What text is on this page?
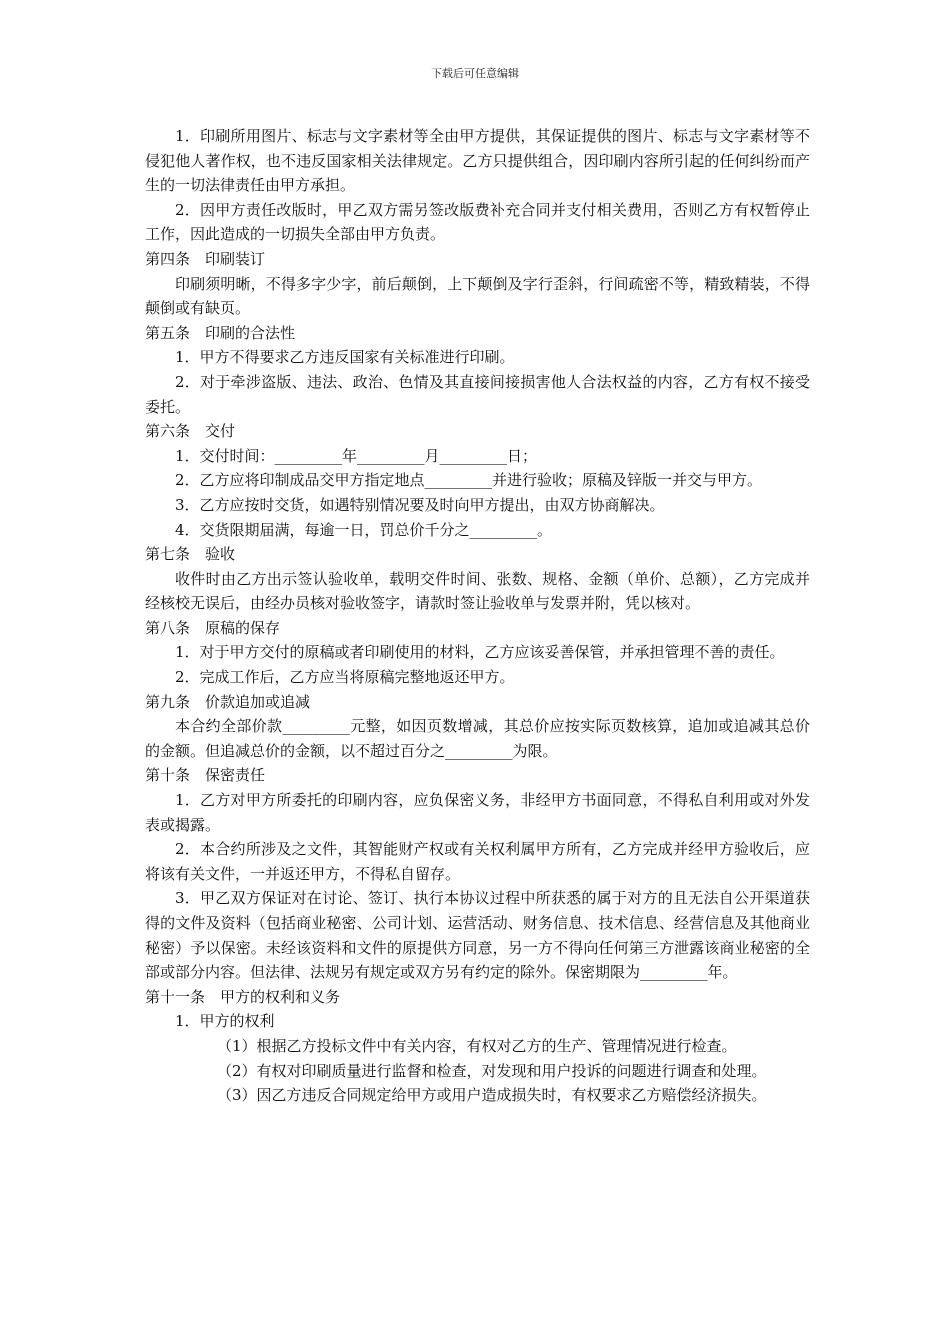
下载后可任意编辑
1．印刷所用图片、标志与文字素材等全由甲方提供，其保证提供的图片、标志与文字素材等不侵犯他人著作权，也不违反国家相关法律规定。乙方只提供组合，因印刷内容所引起的任何纠纷而产生的一切法律责任由甲方承担。
2．因甲方责任改版时，甲乙双方需另签改版费补充合同并支付相关费用，否则乙方有权暂停止工作，因此造成的一切损失全部由甲方负责。
第四条　印刷装订
印刷须明晰，不得多字少字，前后颠倒，上下颠倒及字行歪斜，行间疏密不等，精致精装，不得颠倒或有缺页。
第五条　印刷的合法性
1．甲方不得要求乙方违反国家有关标准进行印刷。
2．对于牵涉盗版、违法、政治、色情及其直接间接损害他人合法权益的内容，乙方有权不接受委托。
第六条　交付
1．交付时间：_________年_________月_________日；
2．乙方应将印制成品交甲方指定地点_________并进行验收；原稿及锌版一并交与甲方。
3．乙方应按时交货，如遇特别情况要及时向甲方提出，由双方协商解决。
4．交货限期届满，每逾一日，罚总价千分之_________。
第七条　验收
收件时由乙方出示签认验收单，载明交件时间、张数、规格、金额（单价、总额），乙方完成并经核校无误后，由经办员核对验收签字，请款时签让验收单与发票并附，凭以核对。
第八条　原稿的保存
1．对于甲方交付的原稿或者印刷使用的材料，乙方应该妥善保管，并承担管理不善的责任。
2．完成工作后，乙方应当将原稿完整地返还甲方。
第九条　价款追加或追减
本合约全部价款_________元整，如因页数增减，其总价应按实际页数核算，追加或追减其总价的金额。但追减总价的金额，以不超过百分之_________为限。
第十条　保密责任
1．乙方对甲方所委托的印刷内容，应负保密义务，非经甲方书面同意，不得私自利用或对外发表或揭露。
2．本合约所涉及之文件，其智能财产权或有关权利属甲方所有，乙方完成并经甲方验收后，应将该有关文件，一并返还甲方，不得私自留存。
3．甲乙双方保证对在讨论、签订、执行本协议过程中所获悉的属于对方的且无法自公开渠道获得的文件及资料（包括商业秘密、公司计划、运营活动、财务信息、技术信息、经营信息及其他商业秘密）予以保密。未经该资料和文件的原提供方同意，另一方不得向任何第三方泄露该商业秘密的全部或部分内容。但法律、法规另有规定或双方另有约定的除外。保密期限为_________年。
第十一条　甲方的权利和义务
1．甲方的权利
（1）根据乙方投标文件中有关内容，有权对乙方的生产、管理情况进行检查。
（2）有权对印刷质量进行监督和检查，对发现和用户投诉的问题进行调查和处理。
（3）因乙方违反合同规定给甲方或用户造成损失时，有权要求乙方赔偿经济损失。
